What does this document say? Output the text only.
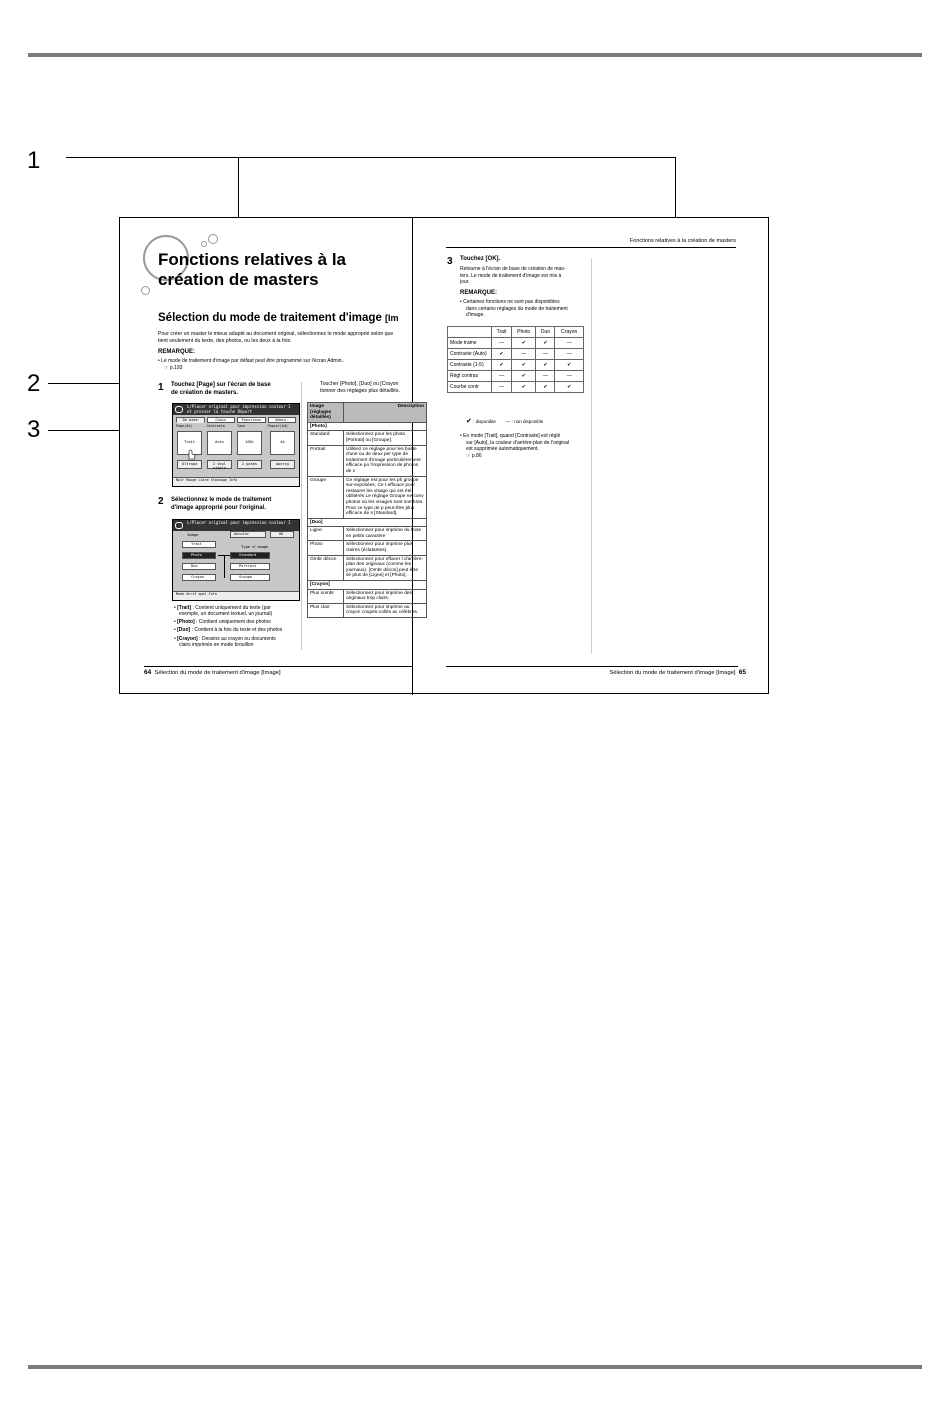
1
2
3
Fonctions relatives à la
création de masters
Sélection du mode de traitement d'image [Im
Pour créer un master le mieux adapté au document original, sélectionnez le mode approprié selon que
tient seulement du texte, des photos, ou les deux à la fois.
REMARQUE:
• Le mode de traitement d'image par défaut peut être programmé sur l'écran Admin..
☞ p.193
1 Touchez [Page] sur l'écran de base
de création de masters.
L/Placer original pour impression couleur I
et presser la touche Départ
De base	Choix	Fonctions	Admin.
Page(A4)	Contraste	Taux	Papier(A4)
Trait	Auto	100%	A4
Ultrapa	2 seul simple
2 poses	Aperçu
Noir Rouge Libre Stockage Info
2 Sélectionnez le mode de traitement
d'image approprié pour l'original.
L/Placer original pour impression couleur I
Image	Annuler	OK
Type d'image
Trait
Photo
Duo
Crayon
Standard
Portrait
Groupe
Mode écrit quel Info
• [Trait] : Contient uniquement du texte (par
exemple, un document textuel, un journal)
• [Photo] : Contient uniquement des photos
• [Duo] : Contient à la fois du texte et des photos
• [Crayon] : Dessins au crayon ou documents
clairs imprimés en mode brouillon
Toucher [Photo], [Duo] ou [Crayon
tionner des réglages plus détaillés.
Image (réglages détaillés)	Description
[Photo]	
Standard	Sélectionnez pour les photo [Portrait] ou [Groupe].
Portrait	Utilisez ce réglage pour les buste d'une ou de deux per type de traitement d'image particulièrement efficace po l'impression de photos de v
Groupe	Ce réglage est pour les ph groupe sur-exposées. Ce t efficace pour restaurer les visage qui ont été oblitérés Le réglage Groupe ne conv photos où les visages sont sombres. Pour ce type de p peut-être plus efficace de s [Standard].
[Duo]	
Ligne	Sélectionnez pour imprime du texte en petits caractère
Photo	Sélectionnez pour imprime plus claires (éclatantes).
Ombr décon	Sélectionnez pour effacer l d'arrière-plan des originaux (comme les journaux). [Ombr décon] peut être sé plus de [Ligne] et [Photo].
[Crayon]	
Plus sombr	Sélectionnez pour imprime des originaux trop clairs.
Plus clair	Sélectionnez pour imprime au crayon coupés-collés av célèbres.
64 Sélection du mode de traitement d'image [Image]
Fonctions relatives à la création de masters
3 Touchez [OK].
Retourne à l'écran de base de création de mas-
ters. Le mode de traitement d'image est mis à
jour.
REMARQUE:
• Certaines fonctions ne sont pas disponibles
dans certains réglages du mode de traitement
d'image.
	Trait	Photo	Duo	Crayon
Mode trame	—	✔	✔	—
Contraste (Auto)	✔	—	—	—
Contraste (1-5)	✔	✔	✔	✔
Régl contras	—	✔	—	—
Courbe contr	—	✔	✔	✔
✔ : disponible — : non disponible
• En mode [Trait], quand [Contraste] est réglé
sur [Auto], la couleur d'arrière-plan de l'original
est supprimée automatiquement.
☞ p.86
Sélection du mode de traitement d'image [Image] 65
